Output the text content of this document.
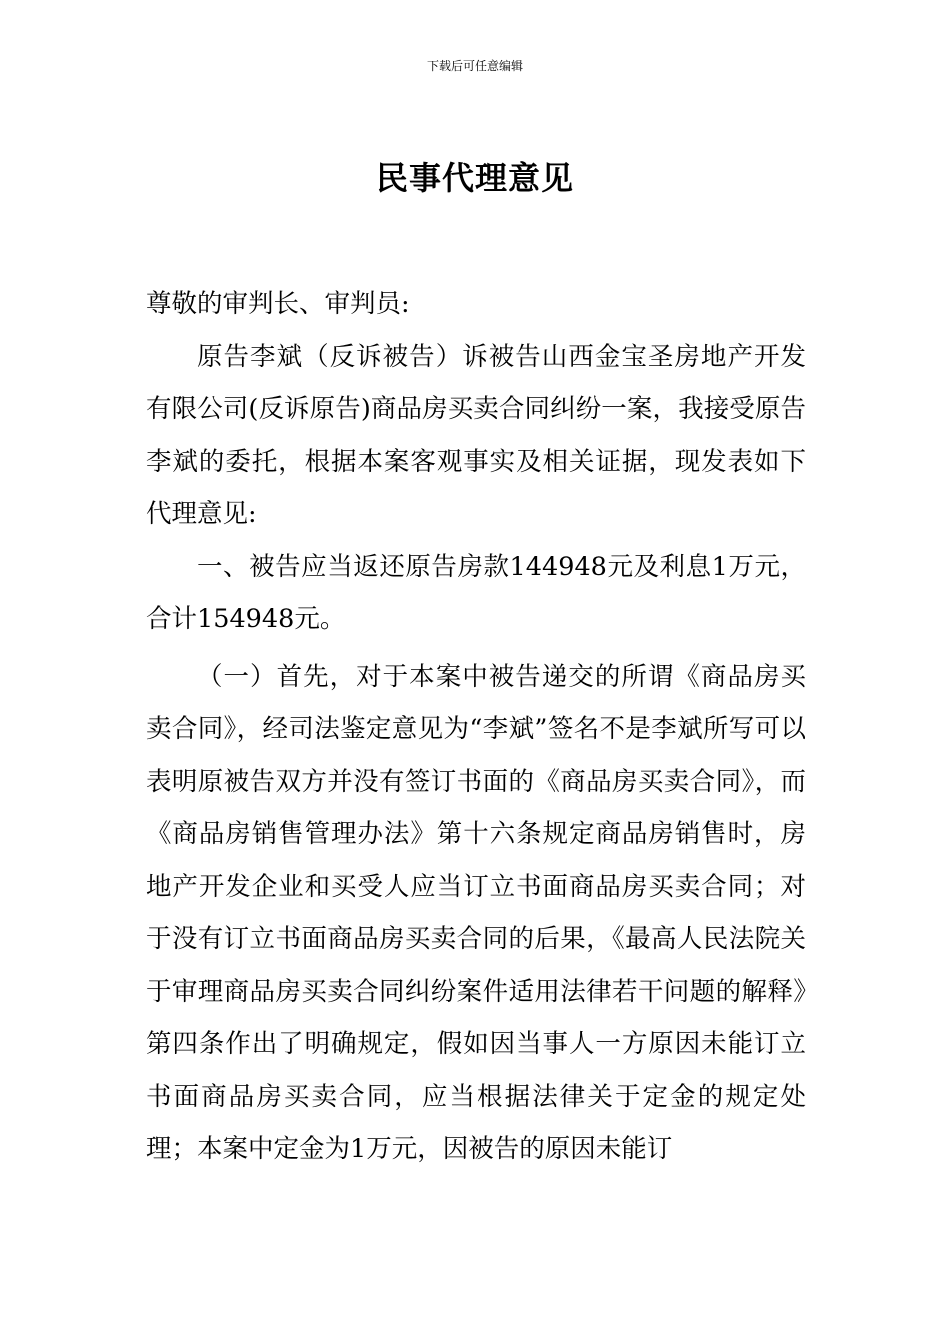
下载后可任意编辑
民事代理意见

尊敬的审判长、审判员:

原告李斌（反诉被告）诉被告山西金宝圣房地产开发有限公司(反诉原告)商品房买卖合同纠纷一案，我接受原告李斌的委托，根据本案客观事实及相关证据，现发表如下代理意见:

一、被告应当返还原告房款144948元及利息1万元，合计154948元。

（一）首先，对于本案中被告递交的所谓《商品房买卖合同》，经司法鉴定意见为“李斌”签名不是李斌所写可以表明原被告双方并没有签订书面的《商品房买卖合同》，而《商品房销售管理办法》第十六条规定商品房销售时，房地产开发企业和买受人应当订立书面商品房买卖合同；对于没有订立书面商品房买卖合同的后果，《最高人民法院关于审理商品房买卖合同纠纷案件适用法律若干问题的解释》第四条作出了明确规定，假如因当事人一方原因未能订立书面商品房买卖合同，应当根据法律关于定金的规定处理；本案中定金为1万元，因被告的原因未能订
